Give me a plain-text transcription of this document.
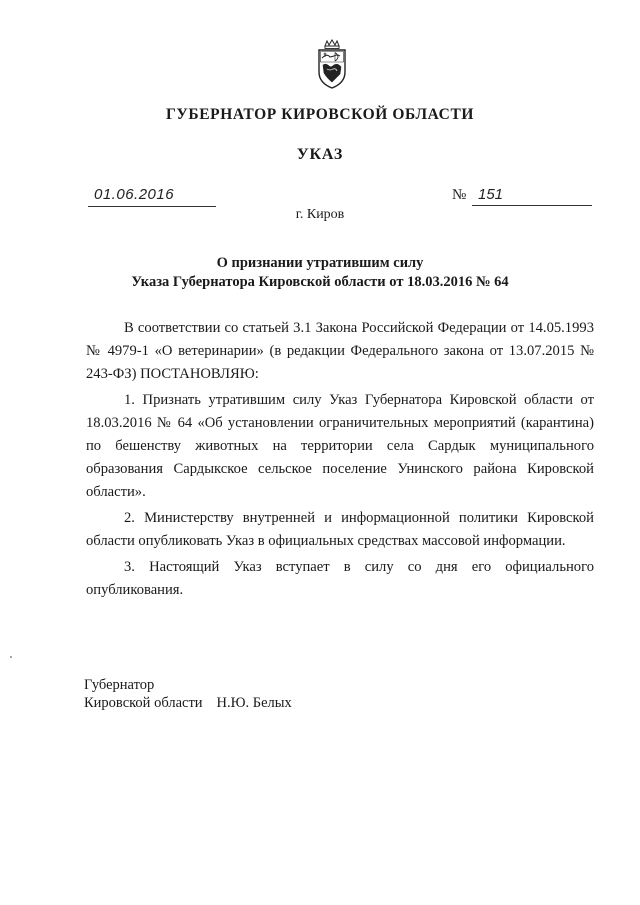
ГУБЕРНАТОР КИРОВСКОЙ ОБЛАСТИ
УКАЗ
01.06.2016	№ 151
г. Киров
О признании утратившим силу
Указа Губернатора Кировской области от 18.03.2016 № 64

В соответствии со статьей 3.1 Закона Российской Федерации от 14.05.1993 № 4979-1 «О ветеринарии» (в редакции Федерального закона от 13.07.2015 № 243-ФЗ) ПОСТАНОВЛЯЮ:

1. Признать утратившим силу Указ Губернатора Кировской области от 18.03.2016 № 64 «Об установлении ограничительных мероприятий (карантина) по бешенству животных на территории села Сардык муниципального образования Сардыкское сельское поселение Унинского района Кировской области».

2. Министерству внутренней и информационной политики Кировской области опубликовать Указ в официальных средствах массовой информации.

3. Настоящий Указ вступает в силу со дня его официального опубликования.

Губернатор
Кировской области Н.Ю. Белых
